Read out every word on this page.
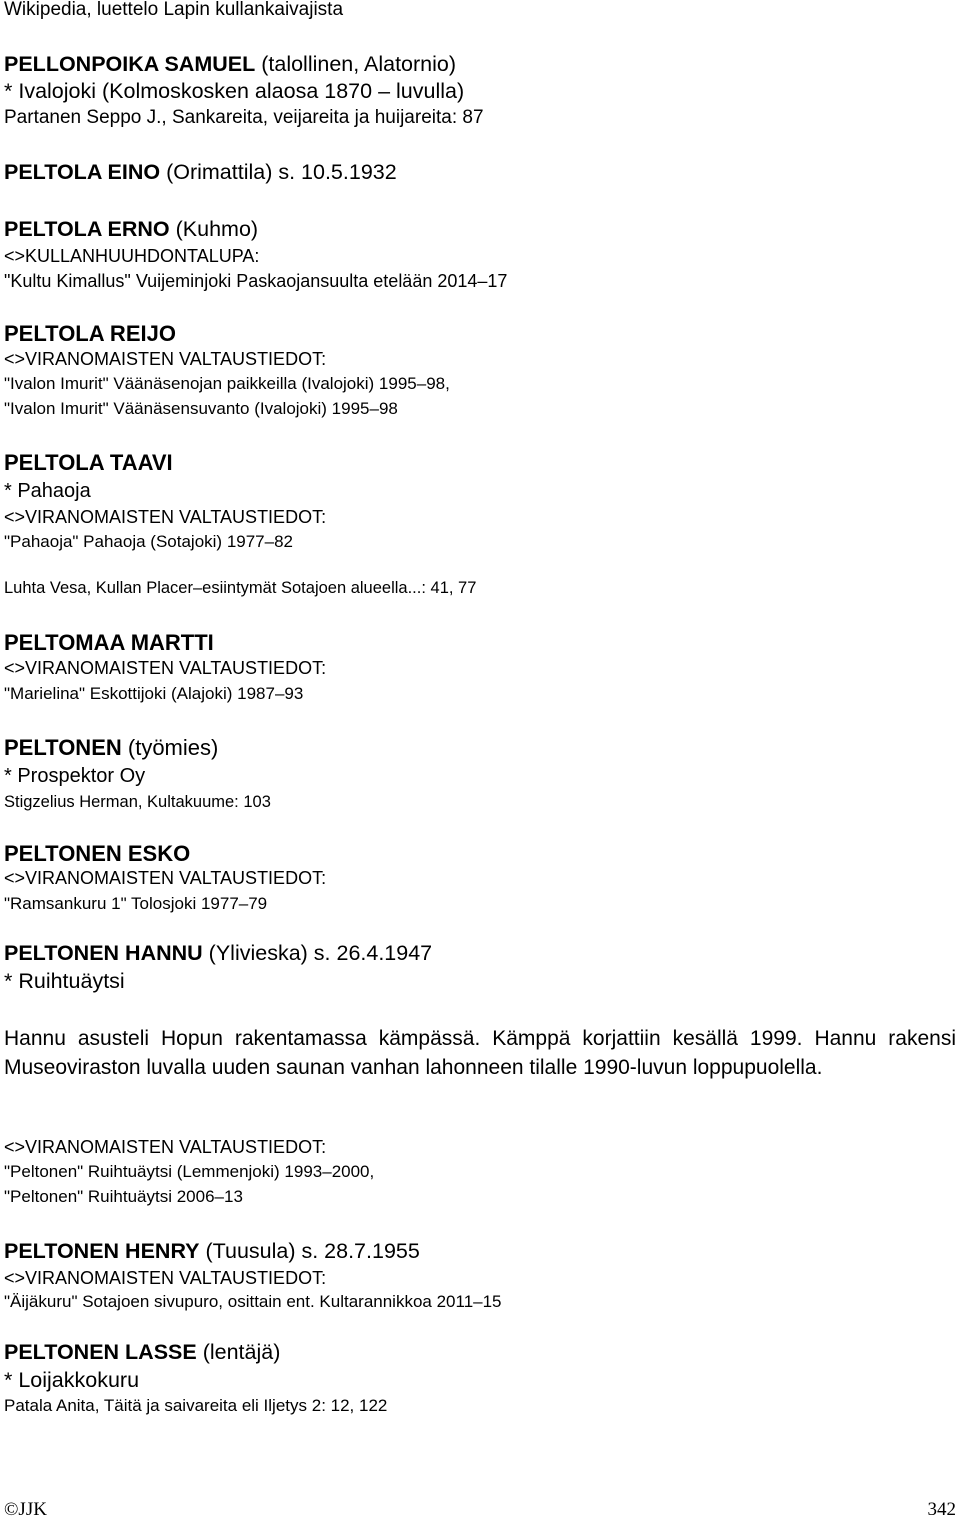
Wikipedia, luettelo Lapin kullankaivajista
PELLONPOIKA SAMUEL (talollinen, Alatornio)
* Ivalojoki (Kolmoskosken alaosa 1870 – luvulla)
Partanen Seppo J., Sankareita, veijareita ja huijareita: 87
PELTOLA EINO (Orimattila) s. 10.5.1932
PELTOLA ERNO (Kuhmo)
<>KULLANHUUHDONTALUPA:
"Kultu Kimallus" Vuijeminjoki Paskaojansuulta etelään 2014–17
PELTOLA REIJO
<>VIRANOMAISTEN VALTAUSTIEDOT:
"Ivalon Imurit" Väänäsenojan paikkeilla (Ivalojoki) 1995–98,
"Ivalon Imurit" Väänäsensuvanto (Ivalojoki) 1995–98
PELTOLA TAAVI
* Pahaoja
<>VIRANOMAISTEN VALTAUSTIEDOT:
"Pahaoja" Pahaoja (Sotajoki) 1977–82
Luhta Vesa, Kullan Placer–esiintymät Sotajoen alueella...: 41, 77
PELTOMAA MARTTI
<>VIRANOMAISTEN VALTAUSTIEDOT:
"Marielina" Eskottijoki (Alajoki) 1987–93
PELTONEN (työmies)
* Prospektor Oy
Stigzelius Herman, Kultakuume: 103
PELTONEN ESKO
<>VIRANOMAISTEN VALTAUSTIEDOT:
"Ramsankuru 1" Tolosjoki 1977–79
PELTONEN HANNU (Ylivieska) s. 26.4.1947
* Ruihtuäytsi
Hannu asusteli Hopun rakentamassa kämpässä. Kämppä korjattiin kesällä 1999. Hannu rakensi Museoviraston luvalla uuden saunan vanhan lahonneen tilalle 1990-luvun loppupuolella.
<>VIRANOMAISTEN VALTAUSTIEDOT:
"Peltonen" Ruihtuäytsi (Lemmenjoki) 1993–2000,
"Peltonen" Ruihtuäytsi 2006–13
PELTONEN HENRY (Tuusula) s. 28.7.1955
<>VIRANOMAISTEN VALTAUSTIEDOT:
"Äijäkuru" Sotajoen sivupuro, osittain ent. Kultarannikkoa 2011–15
PELTONEN LASSE (lentäjä)
* Loijakkokuru
Patala Anita, Täitä ja saivareita eli Iljetys 2: 12, 122
©JJK	342
